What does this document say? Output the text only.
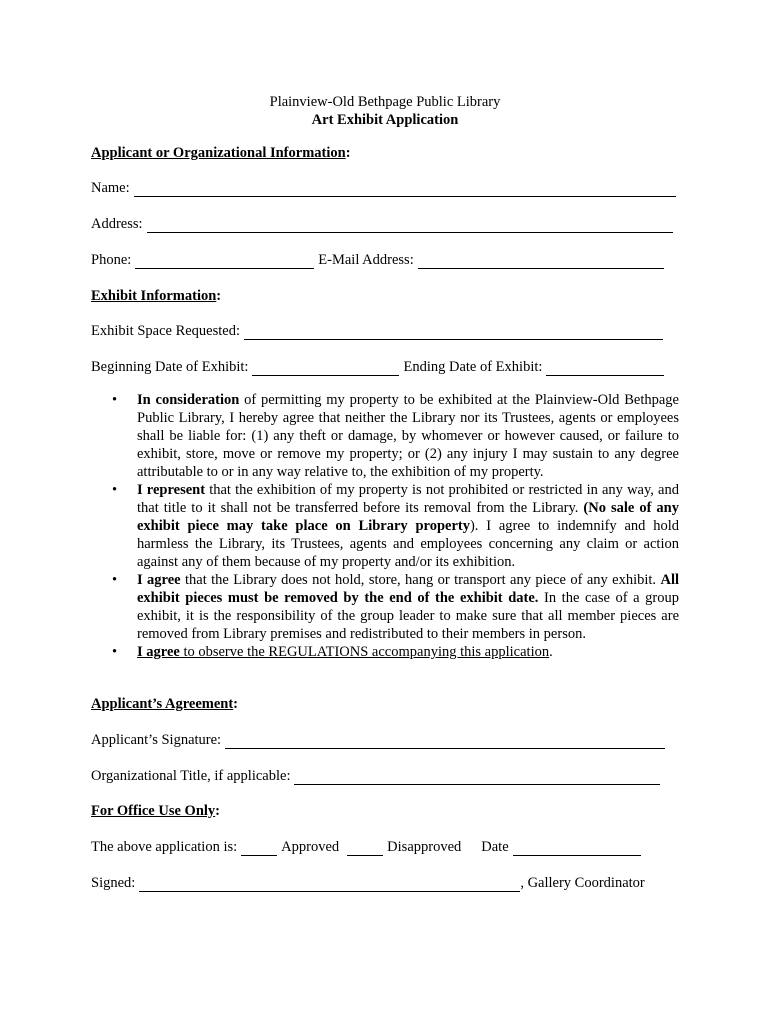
Plainview-Old Bethpage Public Library
Art Exhibit Application
Applicant or Organizational Information:
Name:
Address:
Phone:	E-Mail Address:
Exhibit Information:
Exhibit Space Requested:
Beginning Date of Exhibit:	Ending Date of Exhibit:
• In consideration of permitting my property to be exhibited at the Plainview-Old Bethpage Public Library, I hereby agree that neither the Library nor its Trustees, agents or employees shall be liable for: (1) any theft or damage, by whomever or however caused, or failure to exhibit, store, move or remove my property; or (2) any injury I may sustain to any degree attributable to or in any way relative to, the exhibition of my property.
• I represent that the exhibition of my property is not prohibited or restricted in any way, and that title to it shall not be transferred before its removal from the Library. (No sale of any exhibit piece may take place on Library property). I agree to indemnify and hold harmless the Library, its Trustees, agents and employees concerning any claim or action against any of them because of my property and/or its exhibition.
• I agree that the Library does not hold, store, hang or transport any piece of any exhibit. All exhibit pieces must be removed by the end of the exhibit date. In the case of a group exhibit, it is the responsibility of the group leader to make sure that all member pieces are removed from Library premises and redistributed to their members in person.
• I agree to observe the REGULATIONS accompanying this application.
Applicant’s Agreement:
Applicant’s Signature:
Organizational Title, if applicable:
For Office Use Only:
The above application is:	Approved	Disapproved Date
Signed:	, Gallery Coordinator
